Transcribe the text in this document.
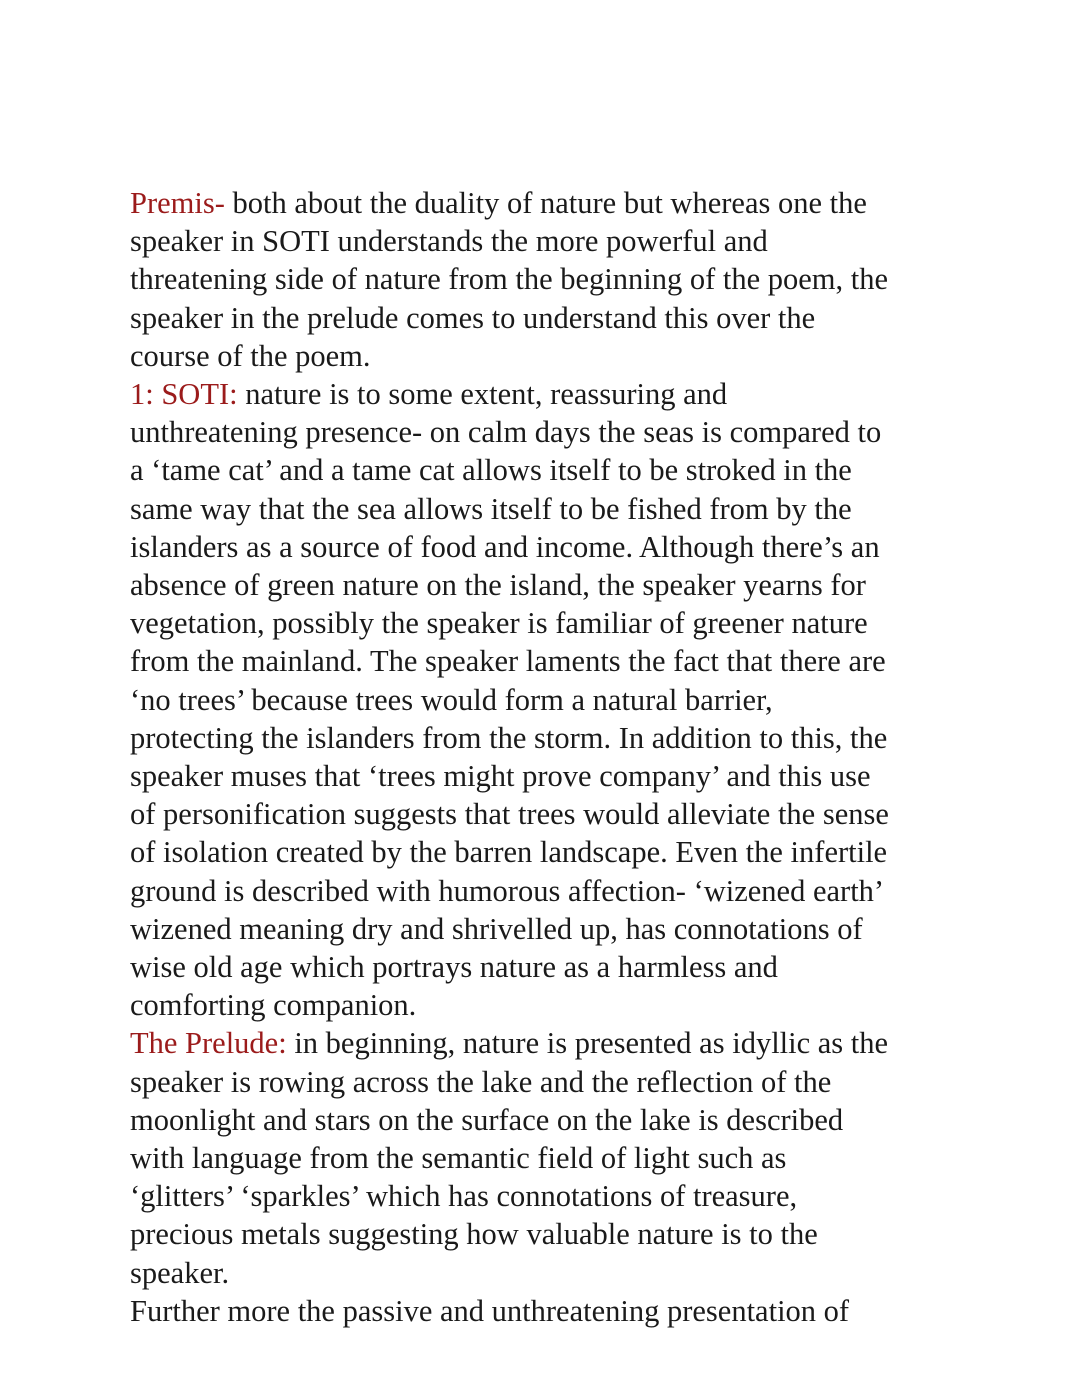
Premis- both about the duality of nature but whereas one the
speaker in SOTI understands the more powerful and
threatening side of nature from the beginning of the poem, the
speaker in the prelude comes to understand this over the
course of the poem.
1: SOTI: nature is to some extent, reassuring and
unthreatening presence- on calm days the seas is compared to
a ‘tame cat’ and a tame cat allows itself to be stroked in the
same way that the sea allows itself to be fished from by the
islanders as a source of food and income. Although there’s an
absence of green nature on the island, the speaker yearns for
vegetation, possibly the speaker is familiar of greener nature
from the mainland. The speaker laments the fact that there are
‘no trees’ because trees would form a natural barrier,
protecting the islanders from the storm. In addition to this, the
speaker muses that ‘trees might prove company’ and this use
of personification suggests that trees would alleviate the sense
of isolation created by the barren landscape. Even the infertile
ground is described with humorous affection- ‘wizened earth’
wizened meaning dry and shrivelled up, has connotations of
wise old age which portrays nature as a harmless and
comforting companion.
The Prelude: in beginning, nature is presented as idyllic as the
speaker is rowing across the lake and the reflection of the
moonlight and stars on the surface on the lake is described
with language from the semantic field of light such as
‘glitters’ ‘sparkles’ which has connotations of treasure,
precious metals suggesting how valuable nature is to the
speaker.
Further more the passive and unthreatening presentation of
